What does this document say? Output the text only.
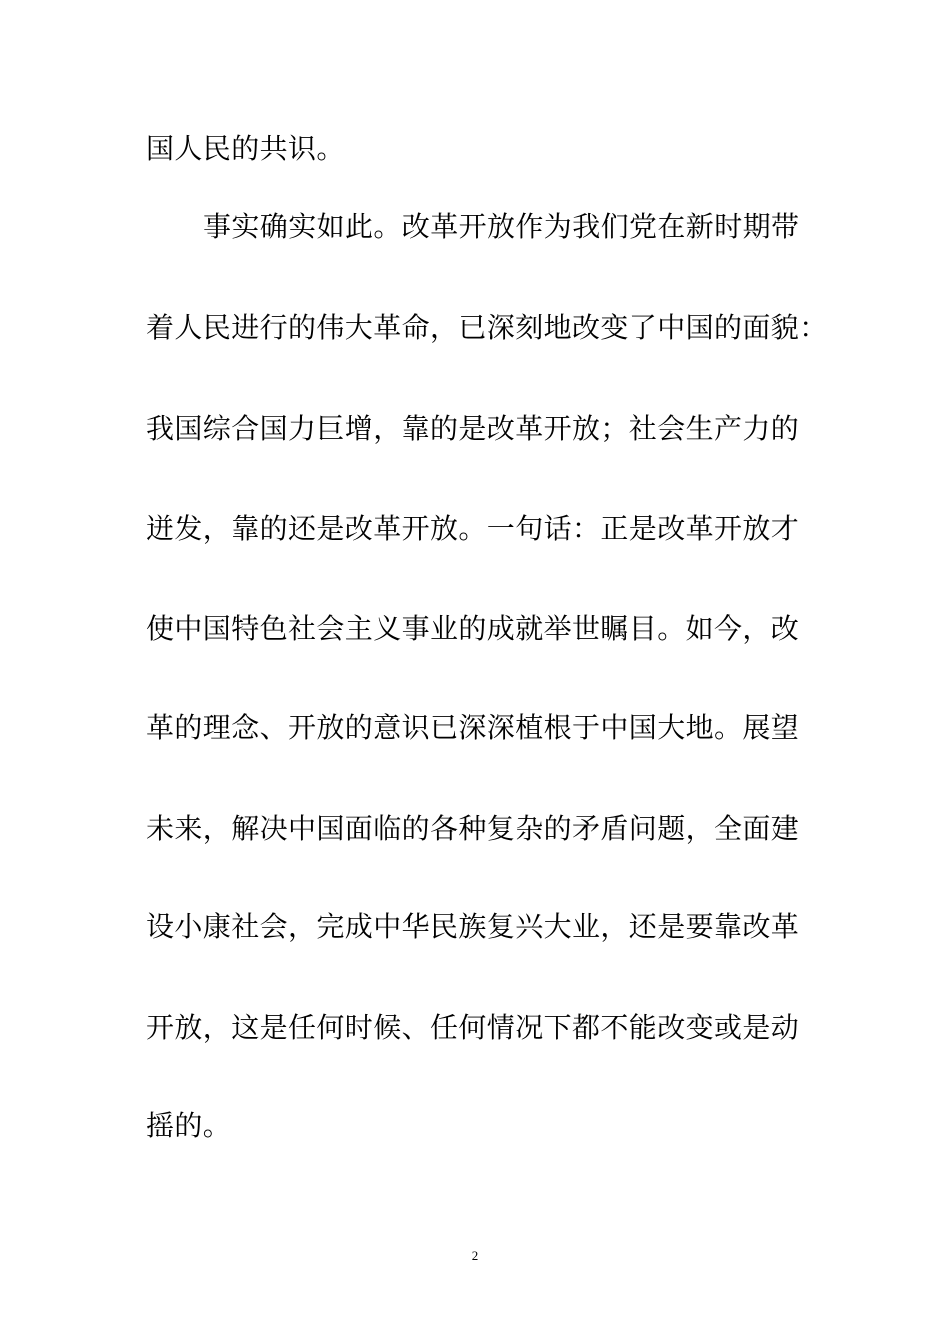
国人民的共识。
事实确实如此。改革开放作为我们党在新时期带
着人民进行的伟大革命，已深刻地改变了中国的面貌：
我国综合国力巨增，靠的是改革开放；社会生产力的
迸发，靠的还是改革开放。一句话：正是改革开放才
使中国特色社会主义事业的成就举世瞩目。如今，改
革的理念、开放的意识已深深植根于中国大地。展望
未来，解决中国面临的各种复杂的矛盾问题，全面建
设小康社会，完成中华民族复兴大业，还是要靠改革
开放，这是任何时候、任何情况下都不能改变或是动
摇的。
2
